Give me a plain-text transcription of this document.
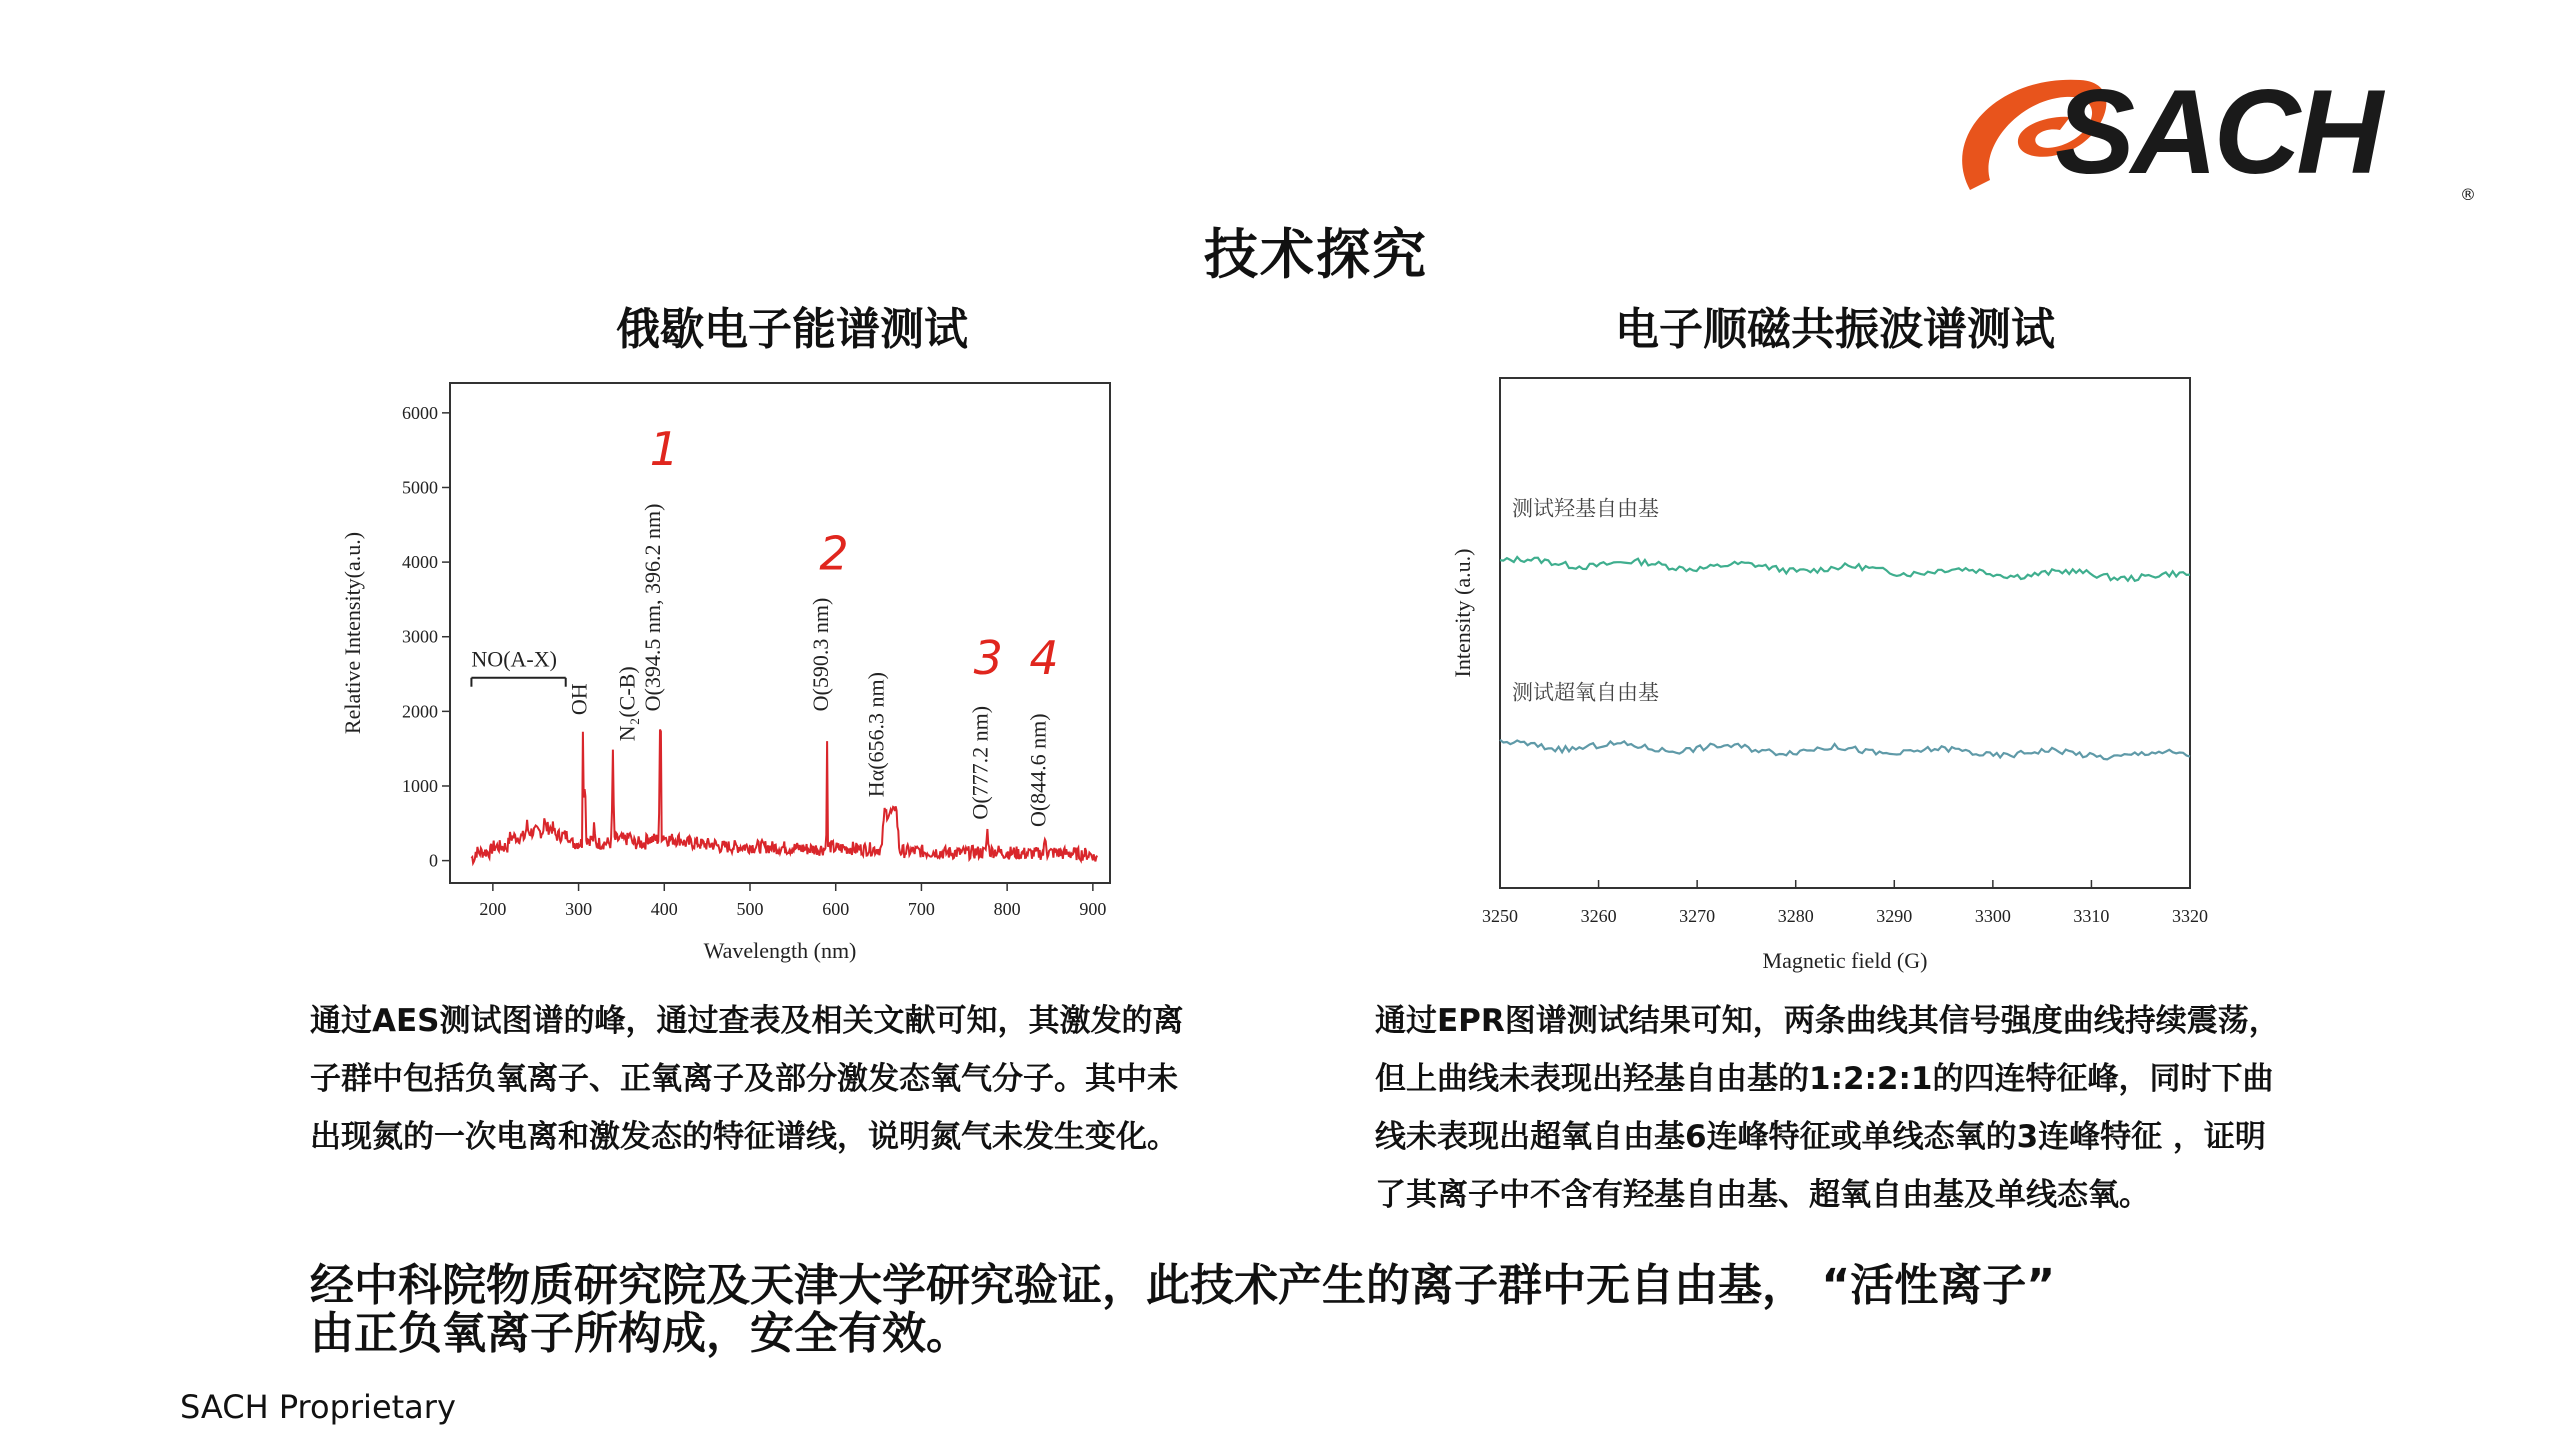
SACH	®
技术探究
俄歇电子能谱测试	电子顺磁共振波谱测试
200	300	400	500	600	700	800	900
0
1000
2000
3000
4000
5000
6000
Wavelength (nm)
Relative Intensity(a.u.)	NO(A-X)
OH N₂(C-B) O(394.5 nm, 396.2 nm)	O(590.3 nm)
Hα(656.3 nm)	O(777.2 nm) O(844.6 nm)
1
2
3 4
3250	3260	3270	3280	3290	3300	3310	3320
Magnetic field (G)
Intensity (a.u.)
测试羟基自由基
测试超氧自由基
通过AES测试图谱的峰，通过查表及相关文献可知，其激发的离
子群中包括负氧离子、正氧离子及部分激发态氧气分子。其中未
出现氮的一次电离和激发态的特征谱线，说明氮气未发生变化。
通过EPR图谱测试结果可知，两条曲线其信号强度曲线持续震荡，
但上曲线未表现出羟基自由基的1:2:2:1的四连特征峰，同时下曲
线未表现出超氧自由基6连峰特征或单线态氧的3连峰特征 ，证明
了其离子中不含有羟基自由基、超氧自由基及单线态氧。
经中科院物质研究院及天津大学研究验证，此技术产生的离子群中无自由基， “活性离子”
由正负氧离子所构成，安全有效。
SACH Proprietary
